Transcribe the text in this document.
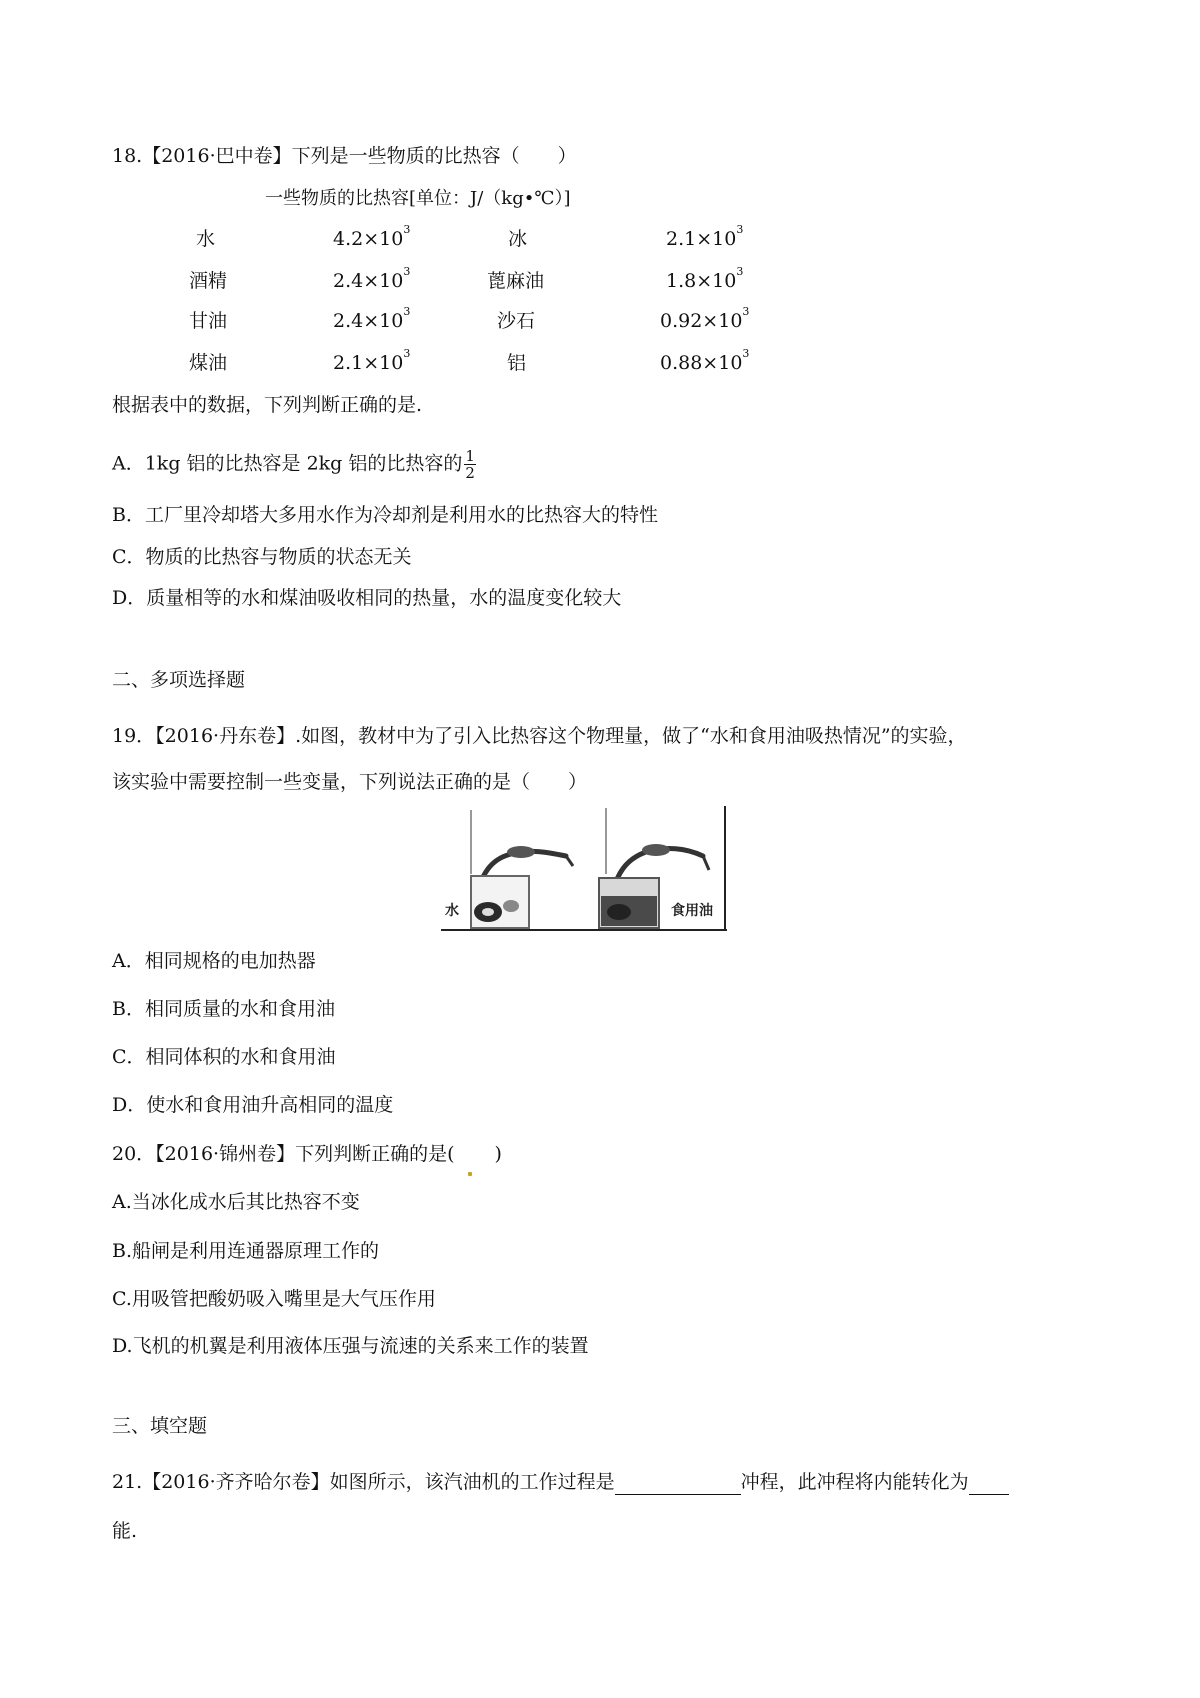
18.【2016·巴中卷】下列是一些物质的比热容（　　）
一些物质的比热容[单位：J/（kg•℃）]
水	$4.2\times 10^3$	冰	$2.1\times 10^3$
酒精	$2.4\times 10^3$	蓖麻油	$1.8\times 10^3$
甘油	$2.4\times 10^3$	沙石	$0.92\times 10^3$
煤油	$2.1\times 10^3$	铝	$0.88\times 10^3$
根据表中的数据，下列判断正确的是.
A．1kg 铝的比热容是 2kg 铝的比热容的 $\frac{1}{2}$
B．工厂里冷却塔大多用水作为冷却剂是利用水的比热容大的特性
C．物质的比热容与物质的状态无关
D．质量相等的水和煤油吸收相同的热量，水的温度变化较大
二、多项选择题
19．【2016·丹东卷】.如图，教材中为了引入比热容这个物理量，做了“水和食用油吸热情况”的实验，
该实验中需要控制一些变量，下列说法正确的是（　　）
水	食用油
A．相同规格的电加热器
B．相同质量的水和食用油
C．相同体积的水和食用油
D．使水和食用油升高相同的温度
20．【2016·锦州卷】下列判断正确的是( )
A.当冰化成水后其比热容不变
B.船闸是利用连通器原理工作的
C.用吸管把酸奶吸入嘴里是大气压作用
D.飞机的机翼是利用液体压强与流速的关系来工作的装置
三、填空题
21.【2016·齐齐哈尔卷】如图所示，该汽油机的工作过程是	冲程，此冲程将内能转化为
能.
